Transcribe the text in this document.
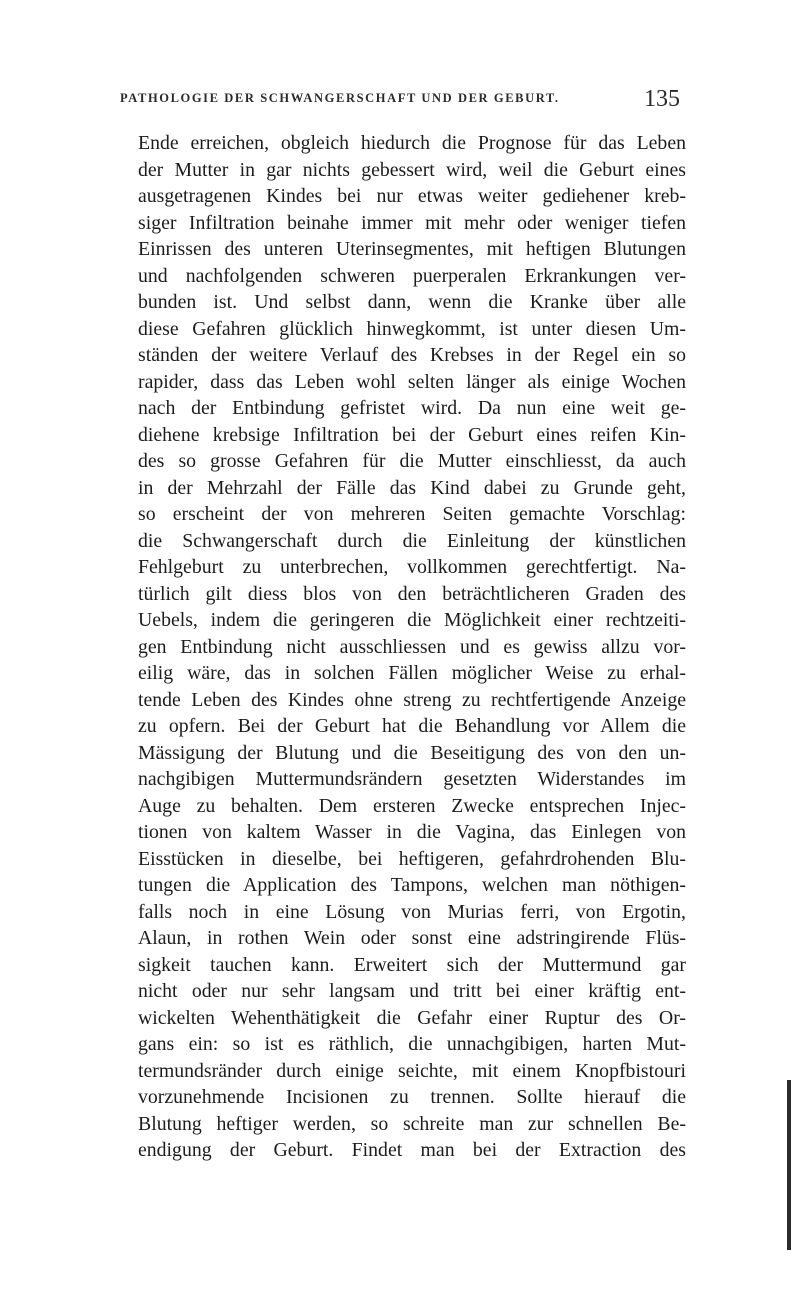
PATHOLOGIE DER SCHWANGERSCHAFT UND DER GEBURT.	135
Ende erreichen, obgleich hiedurch die Prognose für das Leben
der Mutter in gar nichts gebessert wird, weil die Geburt eines
ausgetragenen Kindes bei nur etwas weiter gediehener kreb-
siger Infiltration beinahe immer mit mehr oder weniger tiefen
Einrissen des unteren Uterinsegmentes, mit heftigen Blutungen
und nachfolgenden schweren puerperalen Erkrankungen ver-
bunden ist. Und selbst dann, wenn die Kranke über alle
diese Gefahren glücklich hinwegkommt, ist unter diesen Um-
ständen der weitere Verlauf des Krebses in der Regel ein so
rapider, dass das Leben wohl selten länger als einige Wochen
nach der Entbindung gefristet wird. Da nun eine weit ge-
diehene krebsige Infiltration bei der Geburt eines reifen Kin-
des so grosse Gefahren für die Mutter einschliesst, da auch
in der Mehrzahl der Fälle das Kind dabei zu Grunde geht,
so erscheint der von mehreren Seiten gemachte Vorschlag:
die Schwangerschaft durch die Einleitung der künstlichen
Fehlgeburt zu unterbrechen, vollkommen gerechtfertigt. Na-
türlich gilt diess blos von den beträchtlicheren Graden des
Uebels, indem die geringeren die Möglichkeit einer rechtzeiti-
gen Entbindung nicht ausschliessen und es gewiss allzu vor-
eilig wäre, das in solchen Fällen möglicher Weise zu erhal-
tende Leben des Kindes ohne streng zu rechtfertigende Anzeige
zu opfern. Bei der Geburt hat die Behandlung vor Allem die
Mässigung der Blutung und die Beseitigung des von den un-
nachgibigen Muttermundsrändern gesetzten Widerstandes im
Auge zu behalten. Dem ersteren Zwecke entsprechen Injec-
tionen von kaltem Wasser in die Vagina, das Einlegen von
Eisstücken in dieselbe, bei heftigeren, gefahrdrohenden Blu-
tungen die Application des Tampons, welchen man nöthigen-
falls noch in eine Lösung von Murias ferri, von Ergotin,
Alaun, in rothen Wein oder sonst eine adstringirende Flüs-
sigkeit tauchen kann. Erweitert sich der Muttermund gar
nicht oder nur sehr langsam und tritt bei einer kräftig ent-
wickelten Wehenthätigkeit die Gefahr einer Ruptur des Or-
gans ein: so ist es räthlich, die unnachgibigen, harten Mut-
termundsränder durch einige seichte, mit einem Knopfbistouri
vorzunehmende Incisionen zu trennen. Sollte hierauf die
Blutung heftiger werden, so schreite man zur schnellen Be-
endigung der Geburt. Findet man bei der Extraction des
